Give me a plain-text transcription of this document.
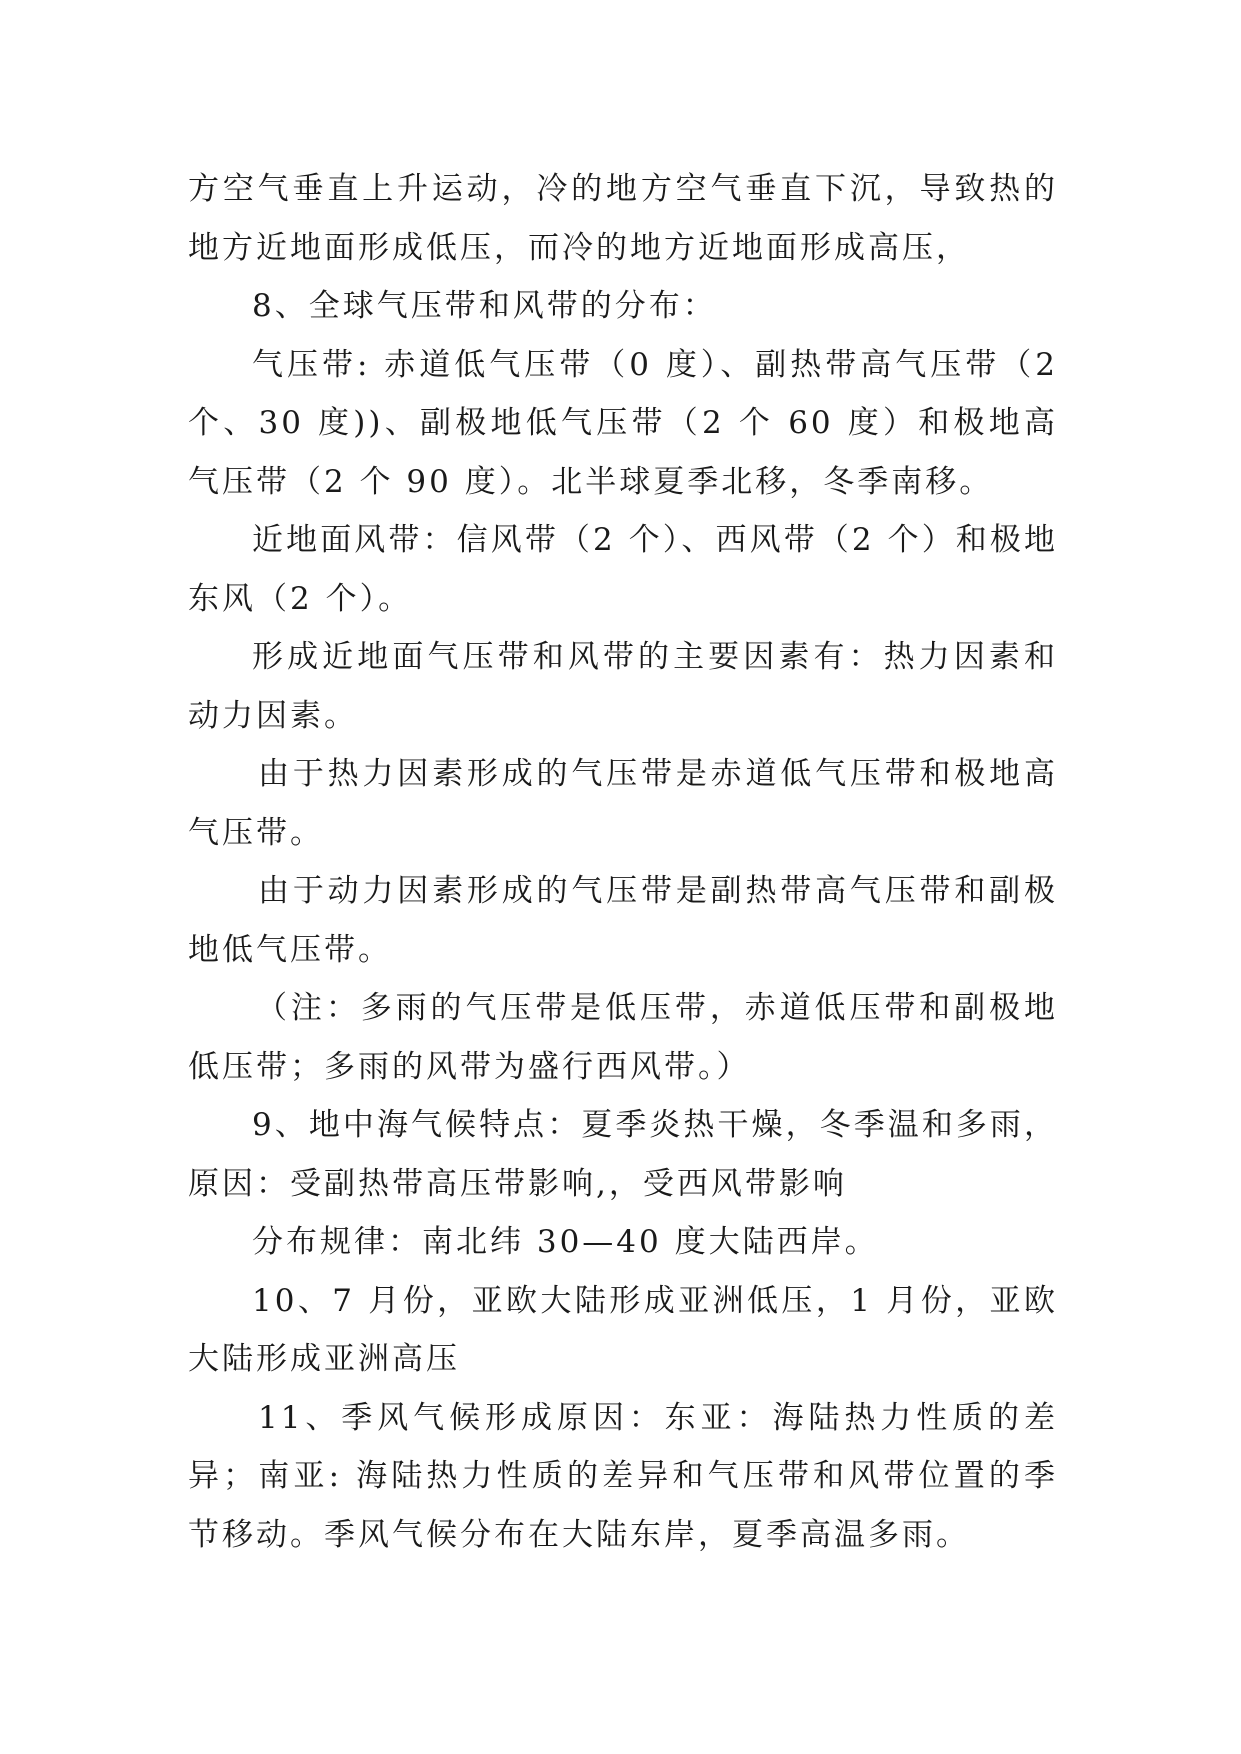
方空气垂直上升运动，冷的地方空气垂直下沉，导致热的地方近地面形成低压，而冷的地方近地面形成高压，

8、全球气压带和风带的分布：

气压带: 赤道低气压带（0 度）、副热带高气压带（2 个、30 度))、副极地低气压带（2 个 60 度）和极地高气压带（2 个 90 度）。北半球夏季北移，冬季南移。

近地面风带：信风带（2 个）、西风带（2 个）和极地东风（2 个）。

形成近地面气压带和风带的主要因素有：热力因素和动力因素。

由于热力因素形成的气压带是赤道低气压带和极地高气压带。

由于动力因素形成的气压带是副热带高气压带和副极地低气压带。

（注：多雨的气压带是低压带，赤道低压带和副极地低压带；多雨的风带为盛行西风带。）

9、地中海气候特点：夏季炎热干燥，冬季温和多雨，原因：受副热带高压带影响,，受西风带影响

分布规律：南北纬 30—40 度大陆西岸。

10、7 月份，亚欧大陆形成亚洲低压，1 月份，亚欧大陆形成亚洲高压

11、季风气候形成原因：东亚：海陆热力性质的差异；南亚: 海陆热力性质的差异和气压带和风带位置的季节移动。季风气候分布在大陆东岸，夏季高温多雨。
